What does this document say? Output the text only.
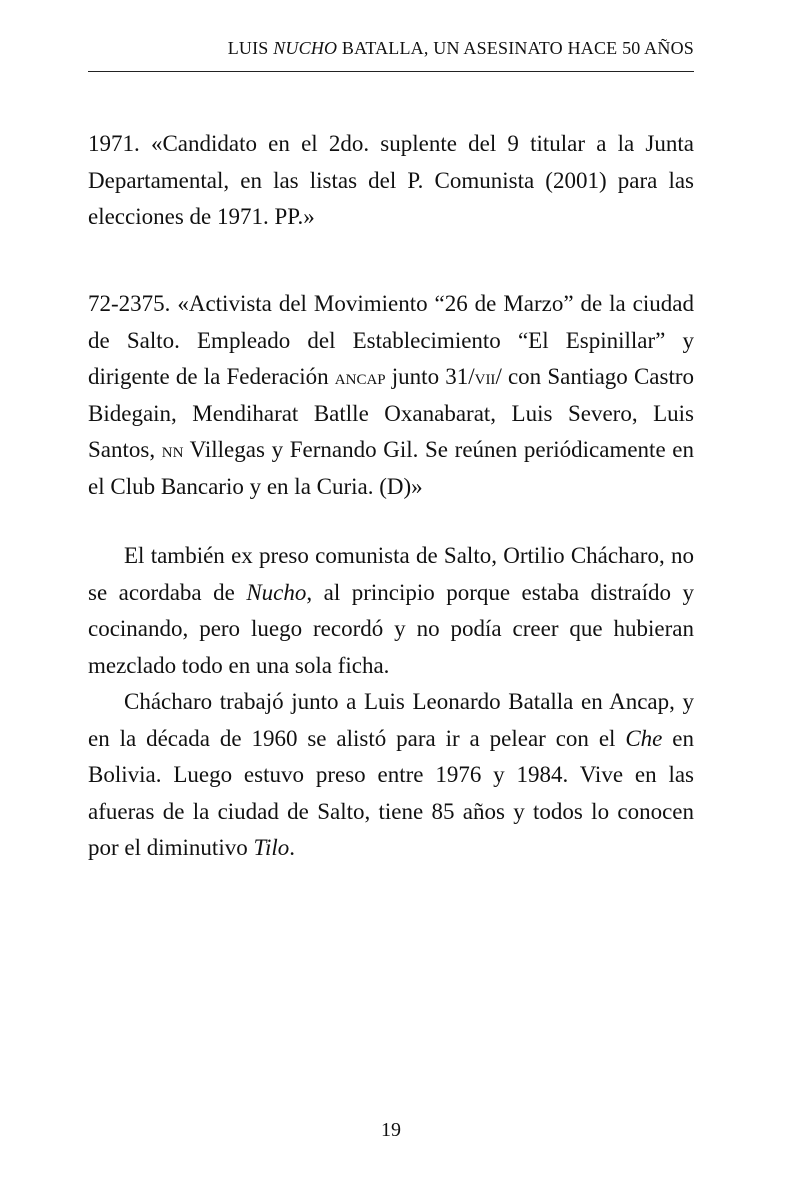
LUIS NUCHO BATALLA, UN ASESINATO HACE 50 AÑOS

1971. «Candidato en el 2do. suplente del 9 titular a la Junta Departamental, en las listas del P. Comunista (2001) para las elecciones de 1971. PP.»

72-2375. «Activista del Movimiento “26 de Marzo” de la ciudad de Salto. Empleado del Establecimiento “El Espinillar” y dirigente de la Federación ancap junto 31/vii/ con Santiago Castro Bidegain, Mendiharat Batlle Oxanabarat, Luis Severo, Luis Santos, nn Villegas y Fernando Gil. Se reúnen periódicamente en el Club Bancario y en la Curia. (D)»

El también ex preso comunista de Salto, Ortilio Chácharo, no se acordaba de Nucho, al principio porque estaba distraído y cocinando, pero luego recordó y no podía creer que hubieran mezclado todo en una sola ficha.

Chácharo trabajó junto a Luis Leonardo Batalla en Ancap, y en la década de 1960 se alistó para ir a pelear con el Che en Bolivia. Luego estuvo preso entre 1976 y 1984. Vive en las afueras de la ciudad de Salto, tiene 85 años y todos lo conocen por el diminutivo Tilo.

19
